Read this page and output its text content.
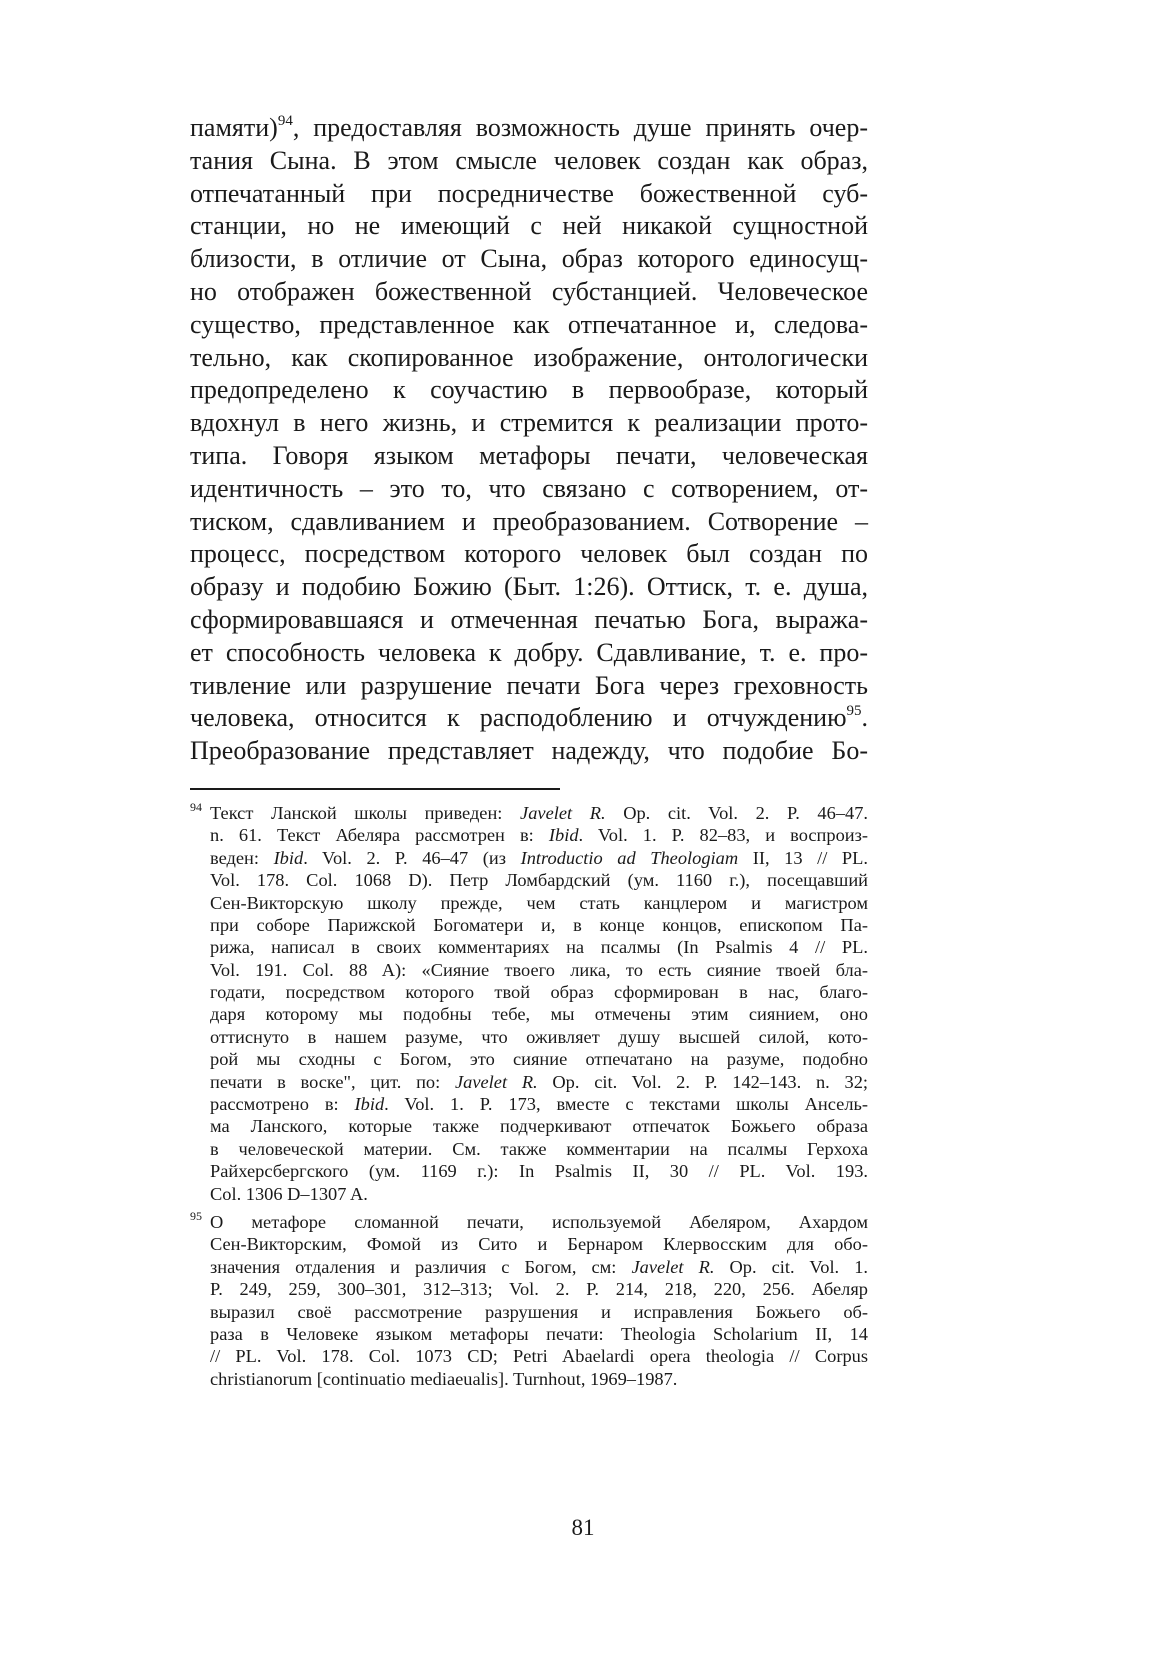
памяти)$^{94}$, предоставляя возможность душе принять очер-
тания Сына. В этом смысле человек создан как образ,
отпечатанный при посредничестве божественной суб-
станции, но не имеющий с ней никакой сущностной
близости, в отличие от Сына, образ которого единосущ-
но отображен божественной субстанцией. Человеческое
существо, представленное как отпечатанное и, следова-
тельно, как скопированное изображение, онтологически
предопределено к соучастию в первообразе, который
вдохнул в него жизнь, и стремится к реализации прото-
типа. Говоря языком метафоры печати, человеческая
идентичность – это то, что связано с сотворением, от-
тиском, сдавливанием и преобразованием. Сотворение –
процесс, посредством которого человек был создан по
образу и подобию Божию (Быт. 1:26). Оттиск, т. е. душа,
сформировавшаяся и отмеченная печатью Бога, выража-
ет способность человека к добру. Сдавливание, т. е. про-
тивление или разрушение печати Бога через греховность
человека, относится к расподоблению и отчуждению$^{95}$.
Преобразование представляет надежду, что подобие Бо-
94 Текст Ланской школы приведен: Javelet R. Op. cit. Vol. 2. P. 46–47.
n. 61. Текст Абеляра рассмотрен в: Ibid. Vol. 1. P. 82–83, и воспроиз-
веден: Ibid. Vol. 2. P. 46–47 (из Introductio ad Theologiam II, 13 // PL.
Vol. 178. Col. 1068 D). Петр Ломбардский (ум. 1160 г.), посещавший
Сен-Викторскую школу прежде, чем стать канцлером и магистром
при соборе Парижской Богоматери и, в конце концов, епископом Па-
рижа, написал в своих комментариях на псалмы (In Psalmis 4 // PL.
Vol. 191. Col. 88 A): «Сияние твоего лика, то есть сияние твоей бла-
годати, посредством которого твой образ сформирован в нас, благо-
даря которому мы подобны тебе, мы отмечены этим сиянием, оно
оттиснуто в нашем разуме, что оживляет душу высшей силой, кото-
рой мы сходны с Богом, это сияние отпечатано на разуме, подобно
печати в воске", цит. по: Javelet R. Op. cit. Vol. 2. P. 142–143. n. 32;
рассмотрено в: Ibid. Vol. 1. P. 173, вместе с текстами школы Ансель-
ма Ланского, которые также подчеркивают отпечаток Божьего образа
в человеческой материи. См. также комментарии на псалмы Герхоха
Райхерсбергского (ум. 1169 г.): In Psalmis II, 30 // PL. Vol. 193.
Col. 1306 D–1307 A.
95 О метафоре сломанной печати, используемой Абеляром, Ахардом
Сен-Викторским, Фомой из Сито и Бернаром Клервосским для обо-
значения отдаления и различия с Богом, см: Javelet R. Op. cit. Vol. 1.
P. 249, 259, 300–301, 312–313; Vol. 2. P. 214, 218, 220, 256. Абеляр
выразил своё рассмотрение разрушения и исправления Божьего об-
раза в Человеке языком метафоры печати: Theologia Scholarium II, 14
// PL. Vol. 178. Col. 1073 CD; Petri Abaelardi opera theologia // Corpus
christianorum [continuatio mediaeualis]. Turnhout, 1969–1987.
81
